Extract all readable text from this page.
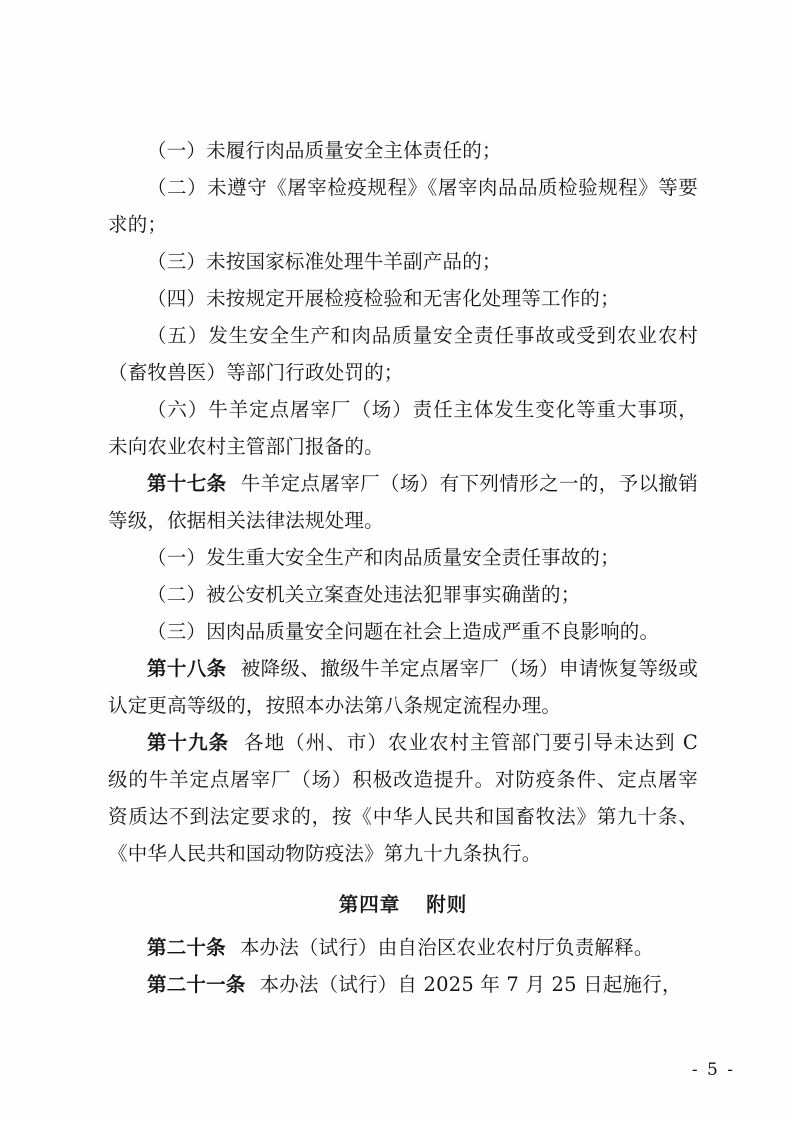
（一）未履行肉品质量安全主体责任的；

（二）未遵守《屠宰检疫规程》《屠宰肉品品质检验规程》等要求的；

（三）未按国家标准处理牛羊副产品的；

（四）未按规定开展检疫检验和无害化处理等工作的；

（五）发生安全生产和肉品质量安全责任事故或受到农业农村（畜牧兽医）等部门行政处罚的；

（六）牛羊定点屠宰厂（场）责任主体发生变化等重大事项，未向农业农村主管部门报备的。

第十七条 牛羊定点屠宰厂（场）有下列情形之一的，予以撤销等级，依据相关法律法规处理。

（一）发生重大安全生产和肉品质量安全责任事故的；

（二）被公安机关立案查处违法犯罪事实确凿的；

（三）因肉品质量安全问题在社会上造成严重不良影响的。

第十八条 被降级、撤级牛羊定点屠宰厂（场）申请恢复等级或认定更高等级的，按照本办法第八条规定流程办理。

第十九条 各地（州、市）农业农村主管部门要引导未达到 C 级的牛羊定点屠宰厂（场）积极改造提升。对防疫条件、定点屠宰资质达不到法定要求的，按《中华人民共和国畜牧法》第九十条、《中华人民共和国动物防疫法》第九十九条执行。

第四章 附则

第二十条 本办法（试行）由自治区农业农村厅负责解释。

第二十一条 本办法（试行）自 2025 年 7 月 25 日起施行，

- 5 -
